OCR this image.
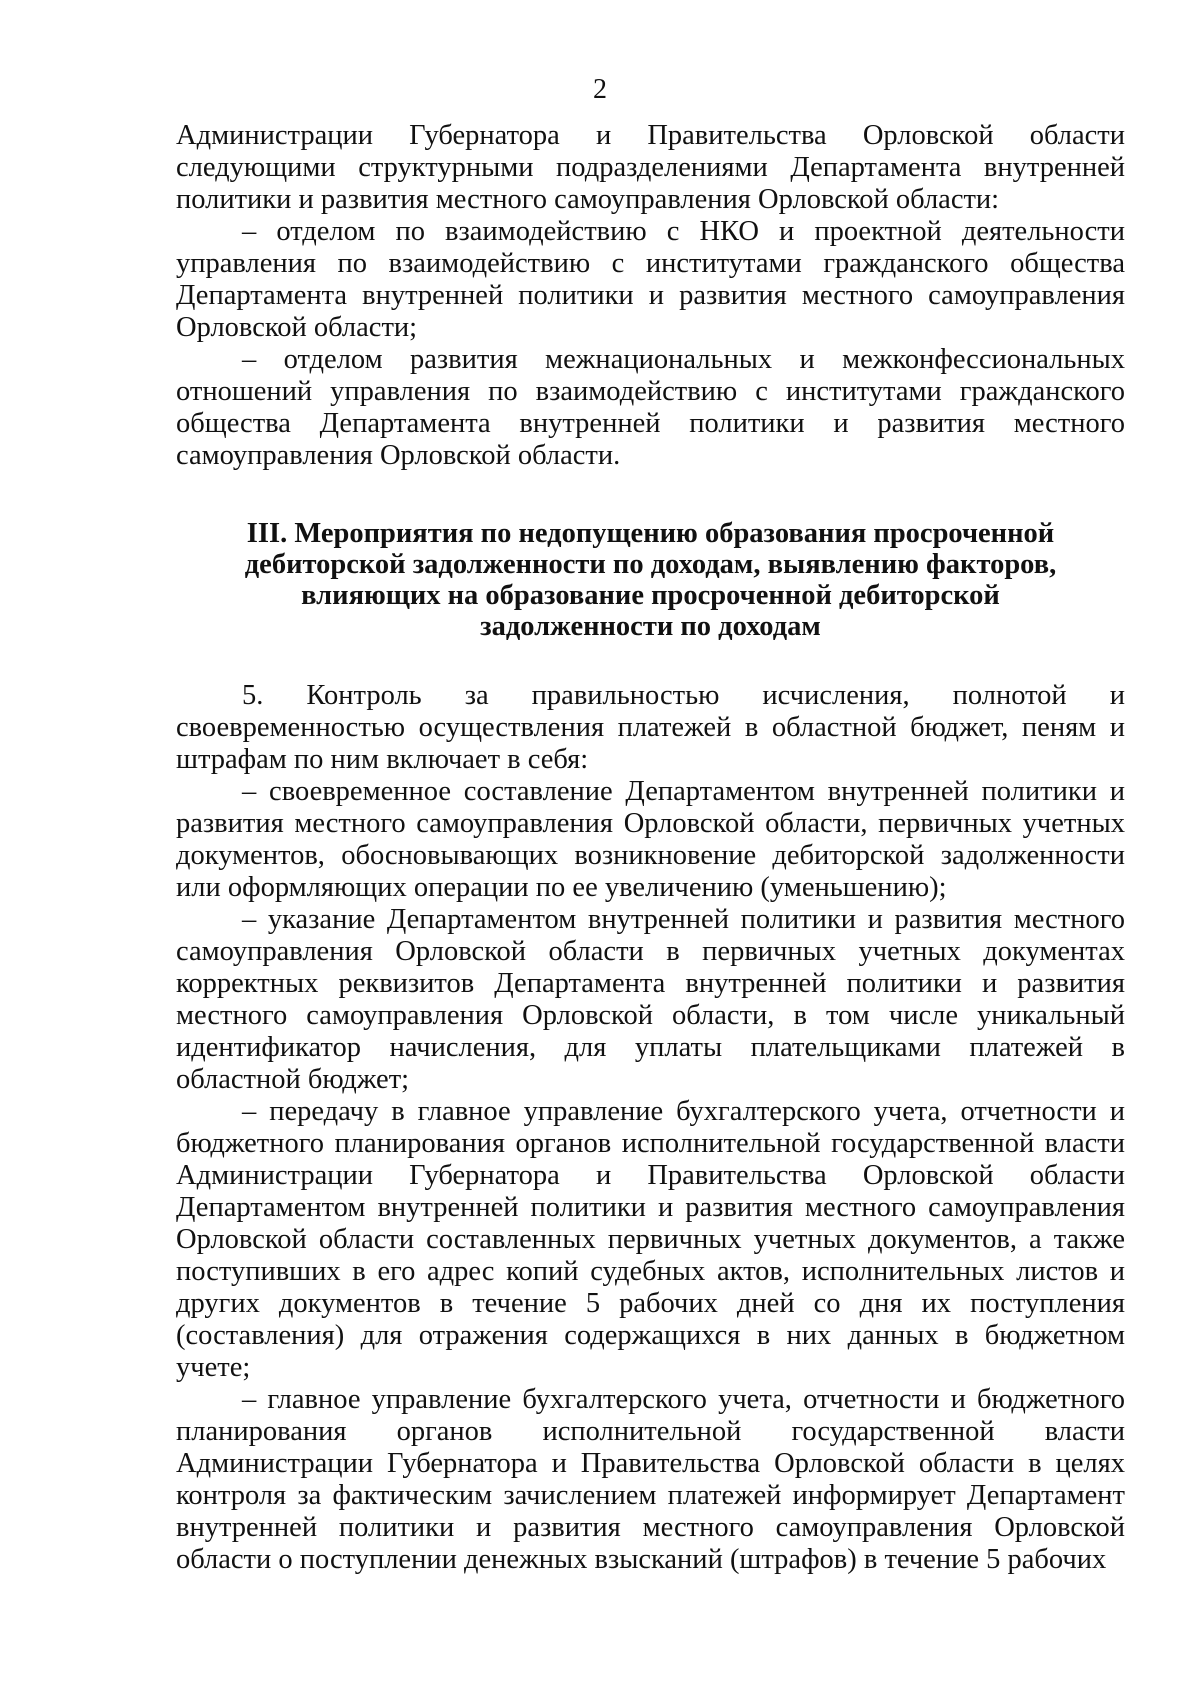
2

Администрации Губернатора и Правительства Орловской области следующими структурными подразделениями Департамента внутренней политики и развития местного самоуправления Орловской области:

– отделом по взаимодействию с НКО и проектной деятельности управления по взаимодействию с институтами гражданского общества Департамента внутренней политики и развития местного самоуправления Орловской области;

– отделом развития межнациональных и межконфессиональных отношений управления по взаимодействию с институтами гражданского общества Департамента внутренней политики и развития местного самоуправления Орловской области.

III. Мероприятия по недопущению образования просроченной
дебиторской задолженности по доходам, выявлению факторов,
влияющих на образование просроченной дебиторской
задолженности по доходам

5. Контроль за правильностью исчисления, полнотой и своевременностью осуществления платежей в областной бюджет, пеням и штрафам по ним включает в себя:

– своевременное составление Департаментом внутренней политики и развития местного самоуправления Орловской области, первичных учетных документов, обосновывающих возникновение дебиторской задолженности или оформляющих операции по ее увеличению (уменьшению);

– указание Департаментом внутренней политики и развития местного самоуправления Орловской области в первичных учетных документах корректных реквизитов Департамента внутренней политики и развития местного самоуправления Орловской области, в том числе уникальный идентификатор начисления, для уплаты плательщиками платежей в областной бюджет;

– передачу в главное управление бухгалтерского учета, отчетности и бюджетного планирования органов исполнительной государственной власти Администрации Губернатора и Правительства Орловской области Департаментом внутренней политики и развития местного самоуправления Орловской области составленных первичных учетных документов, а также поступивших в его адрес копий судебных актов, исполнительных листов и других документов в течение 5 рабочих дней со дня их поступления (составления) для отражения содержащихся в них данных в бюджетном учете;

– главное управление бухгалтерского учета, отчетности и бюджетного планирования органов исполнительной государственной власти Администрации Губернатора и Правительства Орловской области в целях контроля за фактическим зачислением платежей информирует Департамент внутренней политики и развития местного самоуправления Орловской области о поступлении денежных взысканий (штрафов) в течение 5 рабочих
